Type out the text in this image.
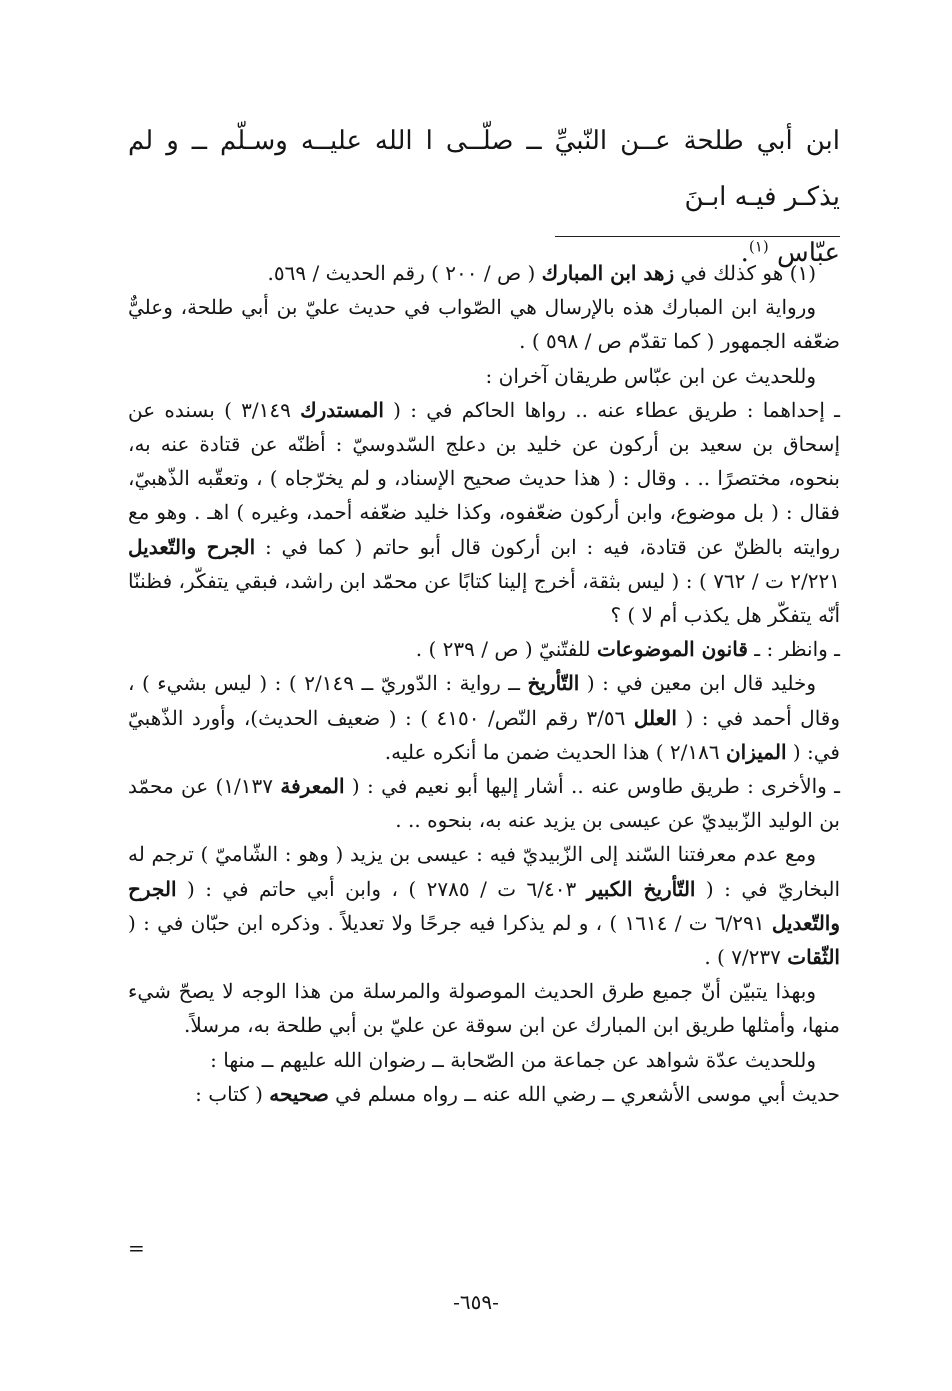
ابن أبي طلحة عــن النّبيِّ ــ صلّــى ا الله عليــه وسـلّم ــ و لم يذكـر فيـه ابـنَ
عبّاس $^{(١)}$.

(١) هو كذلك في زهد ابن المبارك ( ص / ٢٠٠ ) رقم الحديث / ٥٦٩.

ورواية ابن المبارك هذه بالإرسال هي الصّواب في حديث عليّ بن أبي طلحة، وعليٌّ ضعّفه الجمهور ( كما تقدّم ص / ٥٩٨ ) .

وللحديث عن ابن عبّاس طريقان آخران :

ـ إحداهما : طريق عطاء عنه .. رواها الحاكم في : ( المستدرك ٣/١٤٩ ) بسنده عن إسحاق بن سعيد بن أركون عن خليد بن دعلج السّدوسيّ : أظنّه عن قتادة عنه به، بنحوه، مختصرًا .. . وقال : ( هذا حديث صحيح الإسناد، و لم يخرّجاه ) ، وتعقّبه الذّهبيّ، فقال : ( بل موضوع، وابن أركون ضعّفوه، وكذا خليد ضعّفه أحمد، وغيره ) اهـ . وهو مع روايته بالظنّ عن قتادة، فيه : ابن أركون قال أبو حاتم ( كما في : الجرح والتّعديل ٢/٢٢١ ت / ٧٦٢ ) : ( ليس بثقة، أخرج إلينا كتابًا عن محمّد ابن راشد، فبقي يتفكّر، فظننّا أنّه يتفكّر هل يكذب أم لا ) ؟

ـ وانظر : ـ قانون الموضوعات للفتّنيّ ( ص / ٢٣٩ ) .

وخليد قال ابن معين في : ( التّأريخ ــ رواية : الدّوريّ ــ ٢/١٤٩ ) : ( ليس بشيء ) ، وقال أحمد في : ( العلل ٣/٥٦ رقم النّص/ ٤١٥٠ ) : ( ضعيف الحديث)، وأورد الذّهبيّ في: ( الميزان ٢/١٨٦ ) هذا الحديث ضمن ما أنكره عليه.

ـ والأخرى : طريق طاوس عنه .. أشار إليها أبو نعيم في : ( المعرفة ١/١٣٧) عن محمّد بن الوليد الزّبيديّ عن عيسى بن يزيد عنه به، بنحوه .. .

ومع عدم معرفتنا السّند إلى الزّبيديّ فيه : عيسى بن يزيد ( وهو : الشّاميّ ) ترجم له البخاريّ في : ( التّأريخ الكبير ٦/٤٠٣ ت / ٢٧٨٥ ) ، وابن أبي حاتم في : ( الجرح والتّعديل ٦/٢٩١ ت / ١٦١٤ ) ، و لم يذكرا فيه جرحًا ولا تعديلاً . وذكره ابن حبّان في : ( الثّقات ٧/٢٣٧ ) .

وبهذا يتبيّن أنّ جميع طرق الحديث الموصولة والمرسلة من هذا الوجه لا يصحّ شيء منها، وأمثلها طريق ابن المبارك عن ابن سوقة عن عليّ بن أبي طلحة به، مرسلاً.

وللحديث عدّة شواهد عن جماعة من الصّحابة ــ رضوان الله عليهم ــ منها :

حديث أبي موسى الأشعري ــ رضي الله عنه ــ رواه مسلم في صحيحه ( كتاب :

=
-٦٥٩-
